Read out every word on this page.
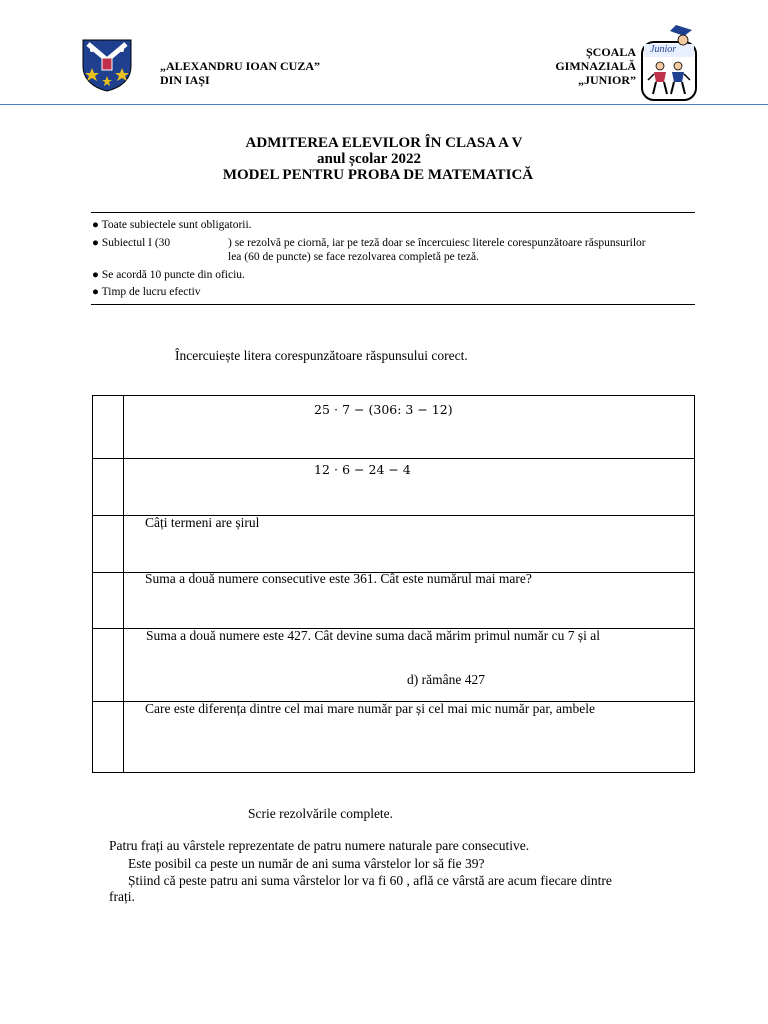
„ALEXANDRU IOAN CUZA”
DIN IAȘI
ȘCOALA
GIMNAZIALĂ
„JUNIOR”
Junior
ADMITEREA ELEVILOR ÎN CLASA A V
anul școlar 2022
MODEL PENTRU PROBA DE MATEMATICĂ
● Toate subiectele sunt obligatorii.
● Subiectul I (30	) se rezolvă pe ciornă, iar pe teză doar se încercuiesc literele corespunzătoare răspunsurilor
lea (60 de puncte) se face rezolvarea completă pe teză.
● Se acordă 10 puncte din oficiu.
● Timp de lucru efectiv
Încercuiește litera corespunzătoare răspunsului corect.
25 ⋅ 7 − (306: 3 − 12)
12 ⋅ 6 − 24 − 4
Câți termeni are șirul
Suma a două numere consecutive este 361. Cât este numărul mai mare?
Suma a două numere este 427. Cât devine suma dacă mărim primul număr cu 7 și al
d) rămâne 427
Care este diferența dintre cel mai mare număr par și cel mai mic număr par, ambele
Scrie rezolvările complete.
Patru frați au vârstele reprezentate de patru numere naturale pare consecutive.
Este posibil ca peste un număr de ani suma vârstelor lor să fie 39?
Știind că peste patru ani suma vârstelor lor va fi 60 , află ce vârstă are acum fiecare dintre
frați.
